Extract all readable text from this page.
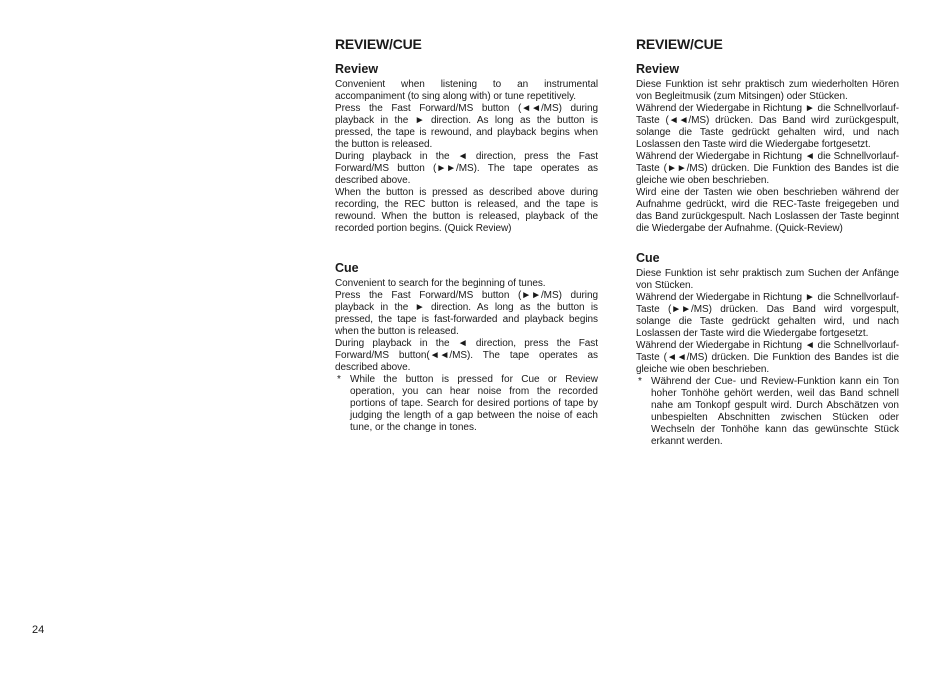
REVIEW/CUE
Review

Convenient when listening to an instrumental accompaniment (to sing along with) or tune repetitively.

Press the Fast Forward/MS button (◄◄/MS) during playback in the ► direction. As long as the button is pressed, the tape is rewound, and playback begins when the button is released.

During playback in the ◄ direction, press the Fast Forward/MS button (►►/MS). The tape operates as described above.

When the button is pressed as described above during recording, the REC button is released, and the tape is rewound. When the button is released, playback of the recorded portion begins. (Quick Review)

Cue

Convenient to search for the beginning of tunes.

Press the Fast Forward/MS button (►►/MS) during playback in the ► direction. As long as the button is pressed, the tape is fast-forwarded and playback begins when the button is released.

During playback in the ◄ direction, press the Fast Forward/MS button(◄◄/MS). The tape operates as described above.

* While the button is pressed for Cue or Review operation, you can hear noise from the recorded portions of tape. Search for desired portions of tape by judging the length of a gap between the noise of each tune, or the change in tones.

REVIEW/CUE
Review

Diese Funktion ist sehr praktisch zum wiederholten Hören von Begleitmusik (zum Mitsingen) oder Stücken.

Während der Wiedergabe in Richtung ► die Schnellvorlauf-Taste (◄◄/MS) drücken. Das Band wird zurückgespult, solange die Taste gedrückt gehalten wird, und nach Loslassen den Taste wird die Wiedergabe fortgesetzt.

Während der Wiedergabe in Richtung ◄ die Schnellvorlauf-Taste (►►/MS) drücken. Die Funktion des Bandes ist die gleiche wie oben beschrieben.

Wird eine der Tasten wie oben beschrieben während der Aufnahme gedrückt, wird die REC-Taste freigegeben und das Band zurückgespult. Nach Loslassen der Taste beginnt die Wiedergabe der Aufnahme. (Quick-Review)

Cue

Diese Funktion ist sehr praktisch zum Suchen der Anfänge von Stücken.

Während der Wiedergabe in Richtung ► die Schnellvorlauf-Taste (►►/MS) drücken. Das Band wird vorgespult, solange die Taste gedrückt gehalten wird, und nach Loslassen der Taste wird die Wiedergabe fortgesetzt.

Während der Wiedergabe in Richtung ◄ die Schnellvorlauf-Taste (◄◄/MS) drücken. Die Funktion des Bandes ist die gleiche wie oben beschrieben.

* Während der Cue- und Review-Funktion kann ein Ton hoher Tonhöhe gehört werden, weil das Band schnell nahe am Tonkopf gespult wird. Durch Abschätzen von unbespielten Abschnitten zwischen Stücken oder Wechseln der Tonhöhe kann das gewünschte Stück erkannt werden.

24
